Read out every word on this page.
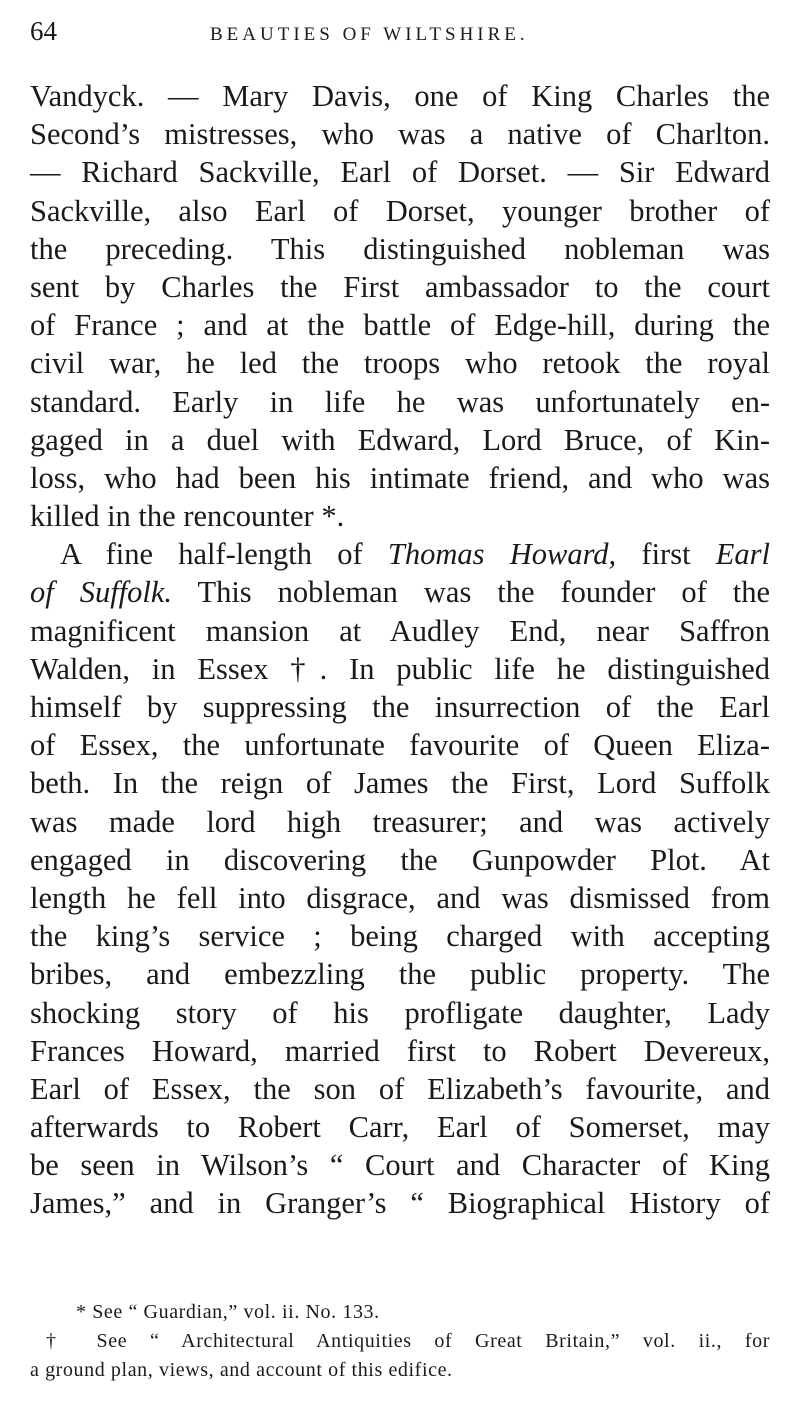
64	BEAUTIES OF WILTSHIRE.
Vandyck. — Mary Davis, one of King Charles the
Second’s mistresses, who was a native of Charlton.
— Richard Sackville, Earl of Dorset. — Sir Edward
Sackville, also Earl of Dorset, younger brother of
the preceding. This distinguished nobleman was
sent by Charles the First ambassador to the court
of France ; and at the battle of Edge-hill, during the
civil war, he led the troops who retook the royal
standard. Early in life he was unfortunately en-
gaged in a duel with Edward, Lord Bruce, of Kin-
loss, who had been his intimate friend, and who was
killed in the rencounter *.
A fine half-length of Thomas Howard, first Earl
of Suffolk. This nobleman was the founder of the
magnificent mansion at Audley End, near Saffron
Walden, in Essex †. In public life he distinguished
himself by suppressing the insurrection of the Earl
of Essex, the unfortunate favourite of Queen Eliza-
beth. In the reign of James the First, Lord Suffolk
was made lord high treasurer; and was actively
engaged in discovering the Gunpowder Plot. At
length he fell into disgrace, and was dismissed from
the king’s service ; being charged with accepting
bribes, and embezzling the public property. The
shocking story of his profligate daughter, Lady
Frances Howard, married first to Robert Devereux,
Earl of Essex, the son of Elizabeth’s favourite, and
afterwards to Robert Carr, Earl of Somerset, may
be seen in Wilson’s “ Court and Character of King
James,” and in Granger’s “ Biographical History of
* See “ Guardian,” vol. ii. No. 133.
† See “ Architectural Antiquities of Great Britain,” vol. ii., for
a ground plan, views, and account of this edifice.
